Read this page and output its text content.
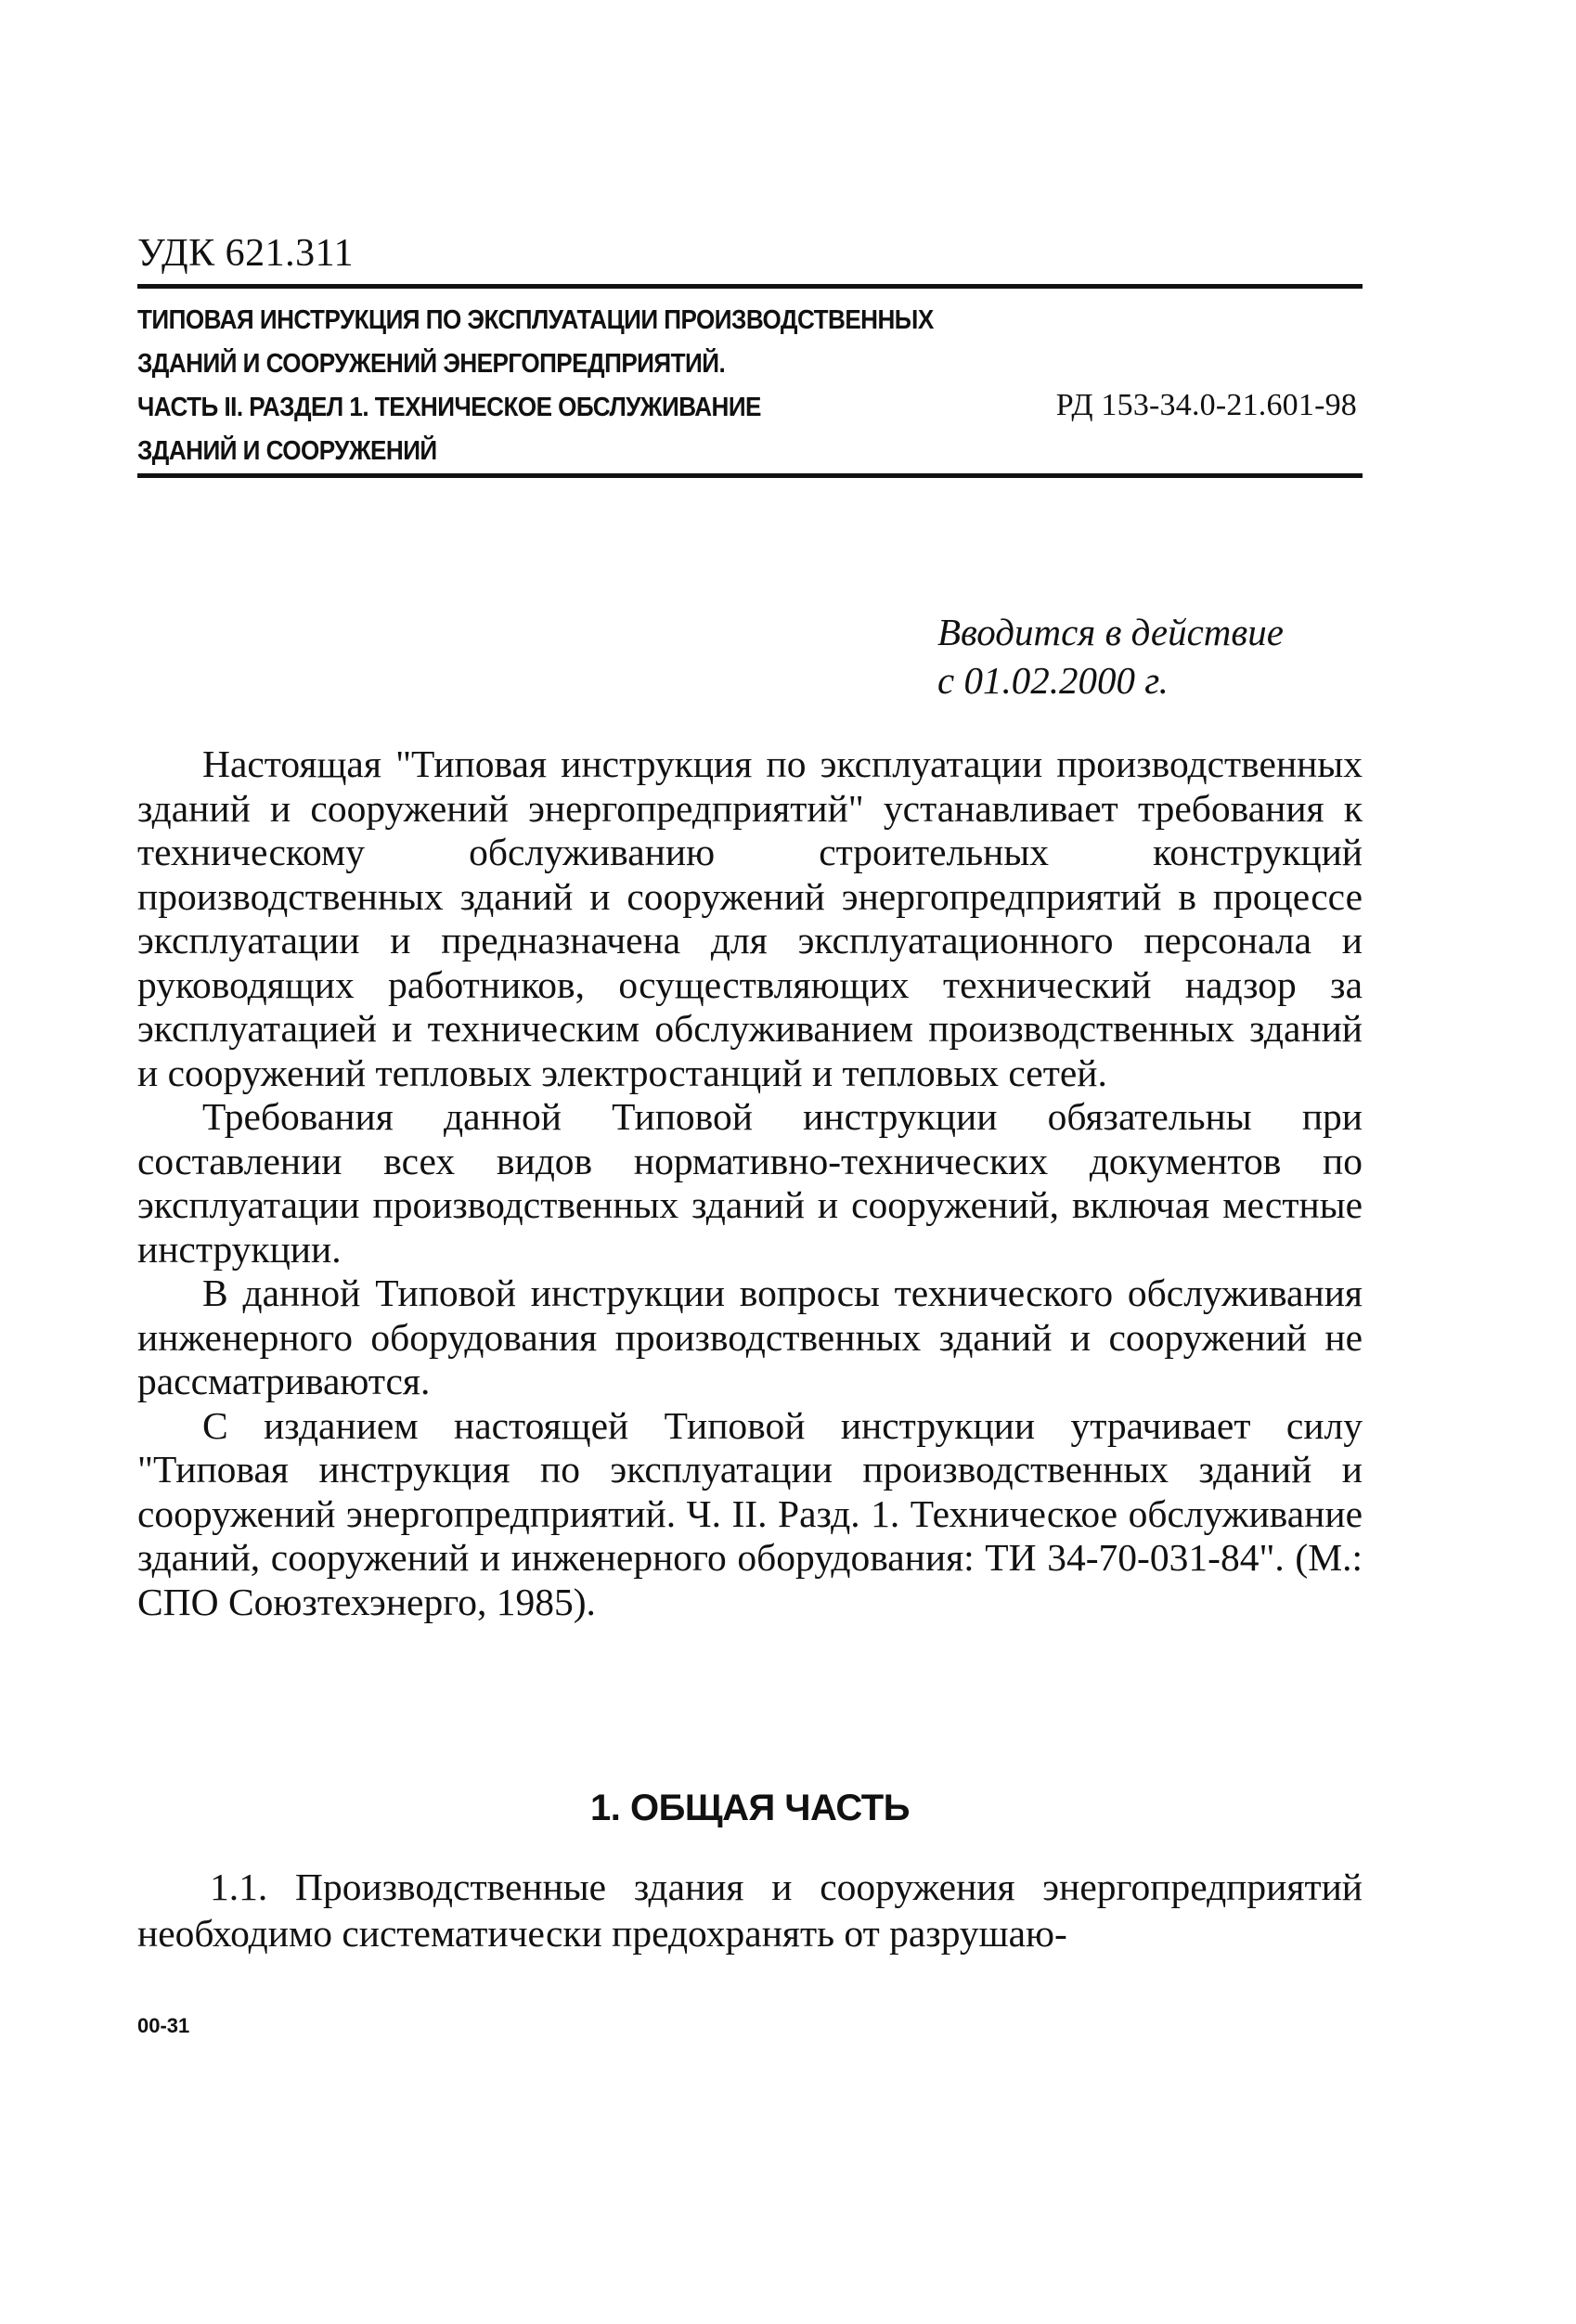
УДК 621.311
ТИПОВАЯ ИНСТРУКЦИЯ ПО ЭКСПЛУАТАЦИИ ПРОИЗВОДСТВЕННЫХ
ЗДАНИЙ И СООРУЖЕНИЙ ЭНЕРГОПРЕДПРИЯТИЙ.
ЧАСТЬ II. РАЗДЕЛ 1. ТЕХНИЧЕСКОЕ ОБСЛУЖИВАНИЕ
ЗДАНИЙ И СООРУЖЕНИЙ
РД 153-34.0-21.601-98
Вводится в действие
с 01.02.2000 г.

Настоящая "Типовая инструкция по эксплуатации производственных зданий и сооружений энергопредприятий" устанавливает требования к техническому обслуживанию строительных конструкций производственных зданий и сооружений энергопредприятий в процессе эксплуатации и предназначена для эксплуатационного персонала и руководящих работников, осуществляющих технический надзор за эксплуатацией и техническим обслуживанием производственных зданий и сооружений тепловых электростанций и тепловых сетей.

Требования данной Типовой инструкции обязательны при составлении всех видов нормативно-технических документов по эксплуатации производственных зданий и сооружений, включая местные инструкции.

В данной Типовой инструкции вопросы технического обслуживания инженерного оборудования производственных зданий и сооружений не рассматриваются.

С изданием настоящей Типовой инструкции утрачивает силу "Типовая инструкция по эксплуатации производственных зданий и сооружений энергопредприятий. Ч. II. Разд. 1. Техническое обслуживание зданий, сооружений и инженерного оборудования: ТИ 34-70-031-84". (М.: СПО Союзтехэнерго, 1985).

1. ОБЩАЯ ЧАСТЬ

1.1. Производственные здания и сооружения энергопредприятий необходимо систематически предохранять от разрушаю-

00-31
